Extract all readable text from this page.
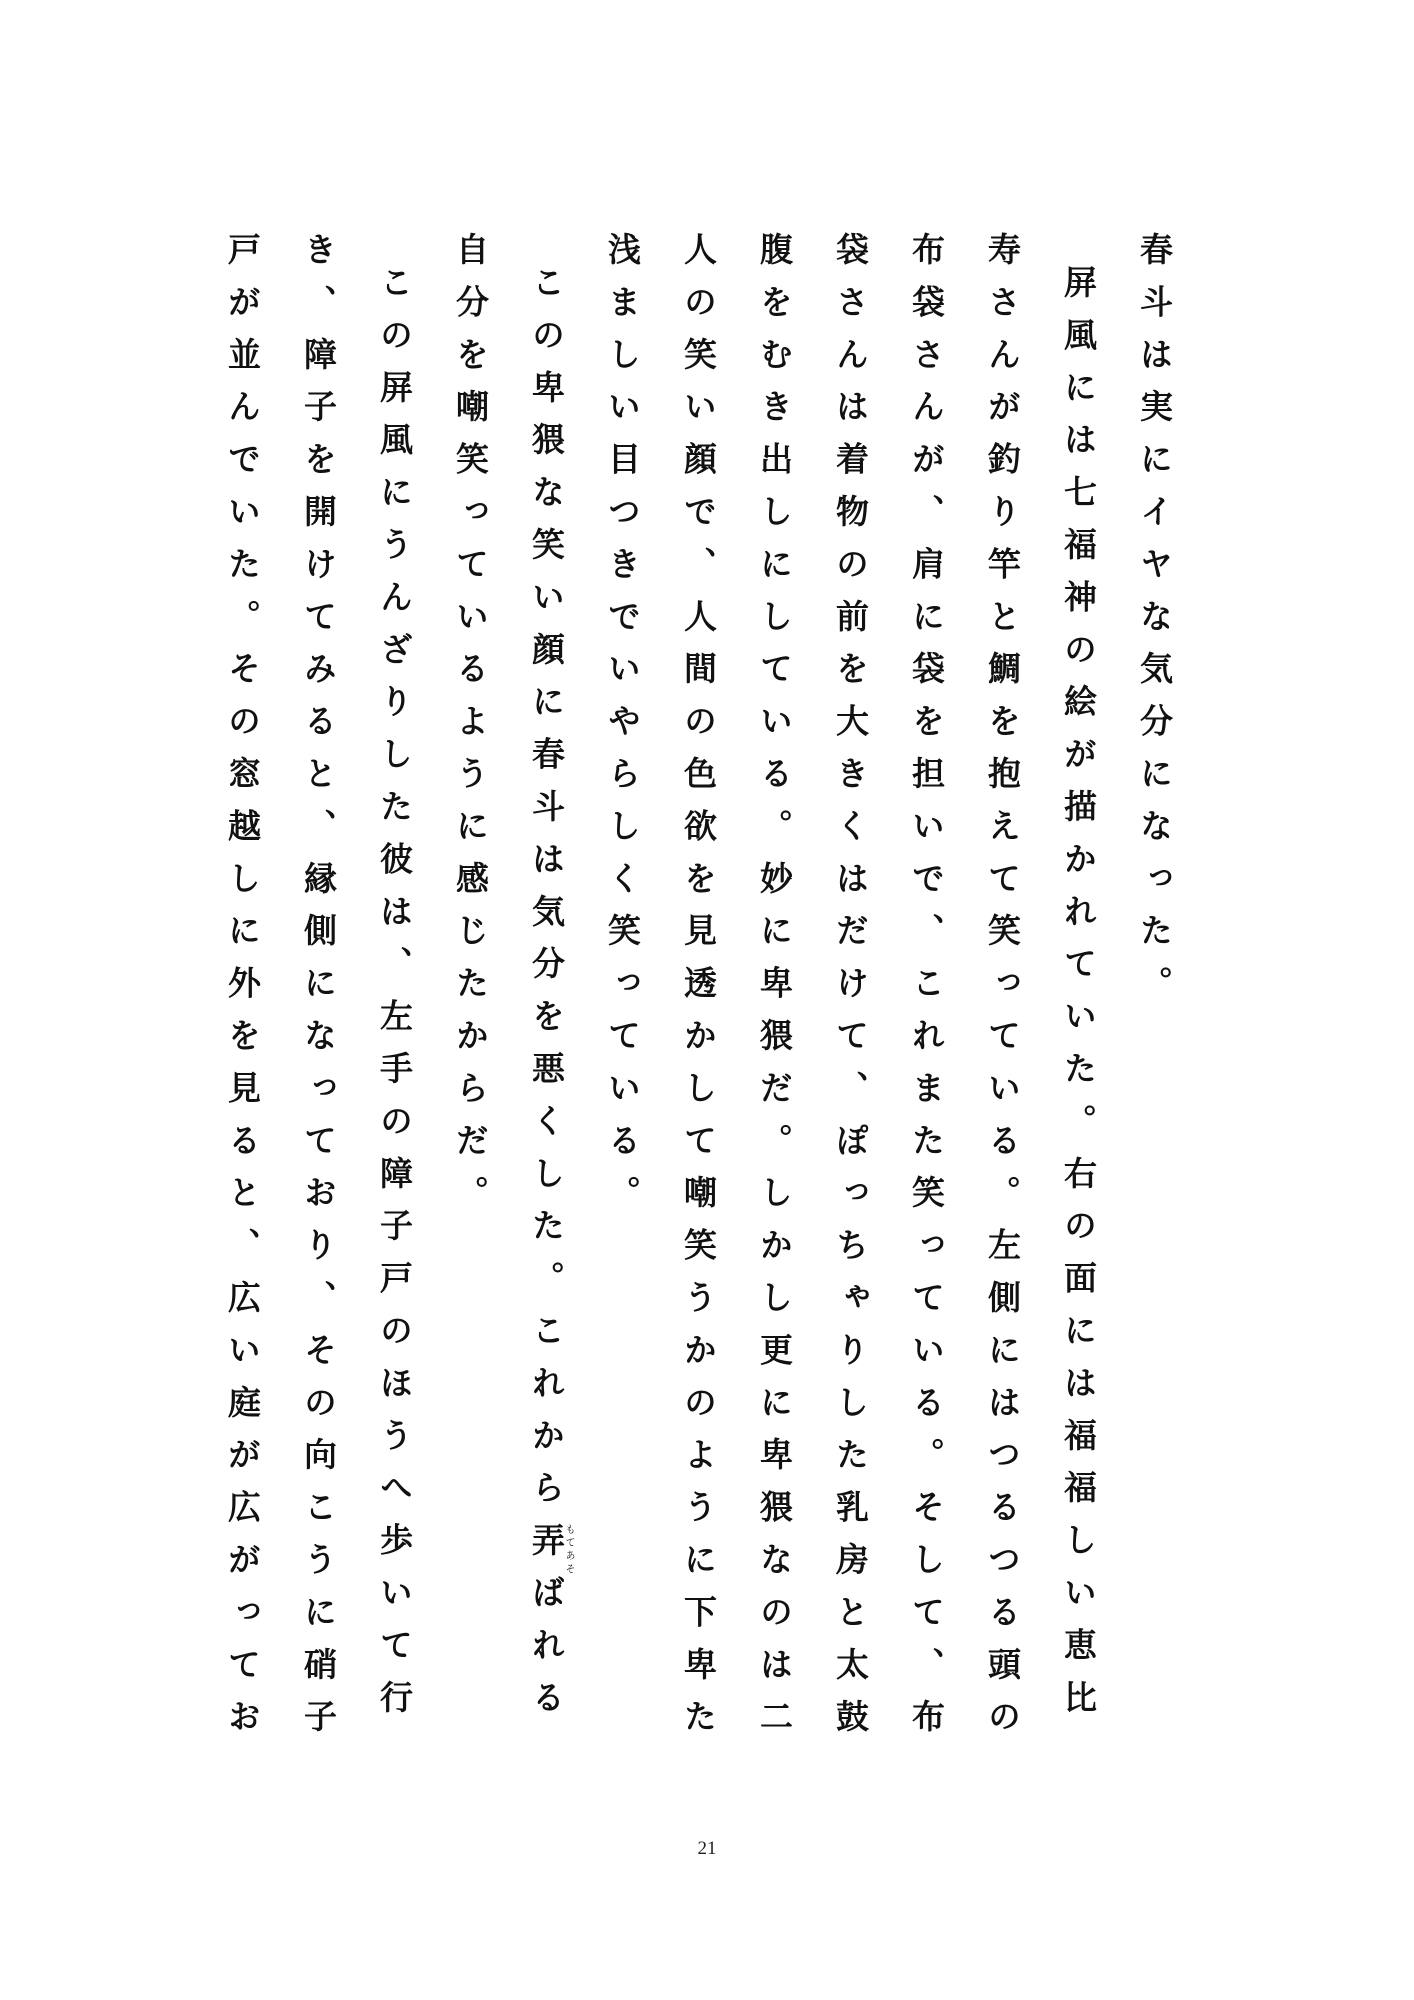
春斗は実にイヤな気分になった。

屏風には七福神の絵が描かれていた。右の面には福福しい恵比寿さんが釣り竿と鯛を抱えて笑っている。左側にはつるつる頭の布袋さんが、肩に袋を担いで、これまた笑っている。そして、布袋さんは着物の前を大きくはだけて、ぽっちゃりした乳房と太鼓腹をむき出しにしている。妙に卑猥だ。しかし更に卑猥なのは二人の笑い顔で、人間の色欲を見透かして嘲笑うかのように下卑た浅ましい目つきでいやらしく笑っている。

この卑猥な笑い顔に春斗は気分を悪くした。これから弄もてあそばれる自分を嘲笑っているように感じたからだ。

この屏風にうんざりした彼は、左手の障子戸のほうへ歩いて行き、障子を開けてみると、縁側になっており、その向こうに硝子戸が並んでいた。その窓越しに外を見ると、広い庭が広がってお

21
